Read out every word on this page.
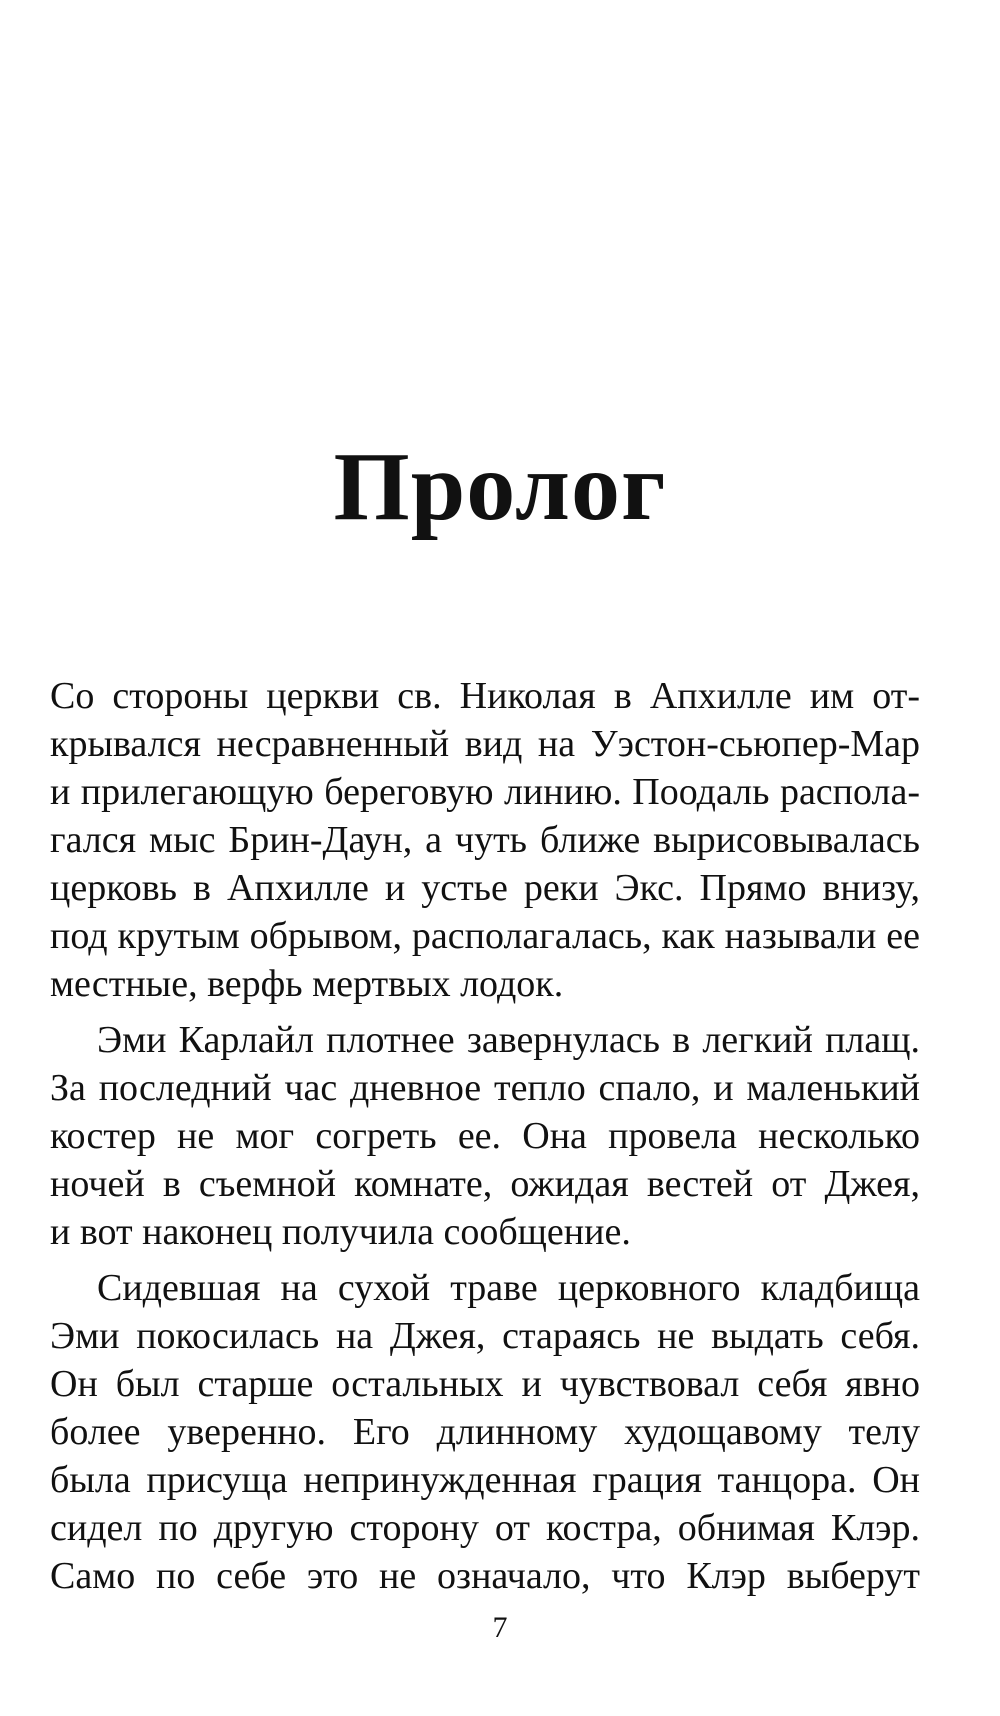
Пролог

Со стороны церкви св. Николая в Апхилле им от-
крывался несравненный вид на Уэстон-сьюпер-Мар
и прилегающую береговую линию. Поодаль распола-
гался мыс Брин-Даун, а чуть ближе вырисовывалась
церковь в Апхилле и устье реки Экс. Прямо внизу,
под крутым обрывом, располагалась, как называли ее
местные, верфь мертвых лодок.

Эми Карлайл плотнее завернулась в легкий плащ.
За последний час дневное тепло спало, и маленький
костер не мог согреть ее. Она провела несколько
ночей в съемной комнате, ожидая вестей от Джея,
и вот наконец получила сообщение.

Сидевшая на сухой траве церковного кладбища
Эми покосилась на Джея, стараясь не выдать себя.
Он был старше остальных и чувствовал себя явно
более уверенно. Его длинному худощавому телу
была присуща непринужденная грация танцора. Он
сидел по другую сторону от костра, обнимая Клэр.
Само по себе это не означало, что Клэр выберут

7
